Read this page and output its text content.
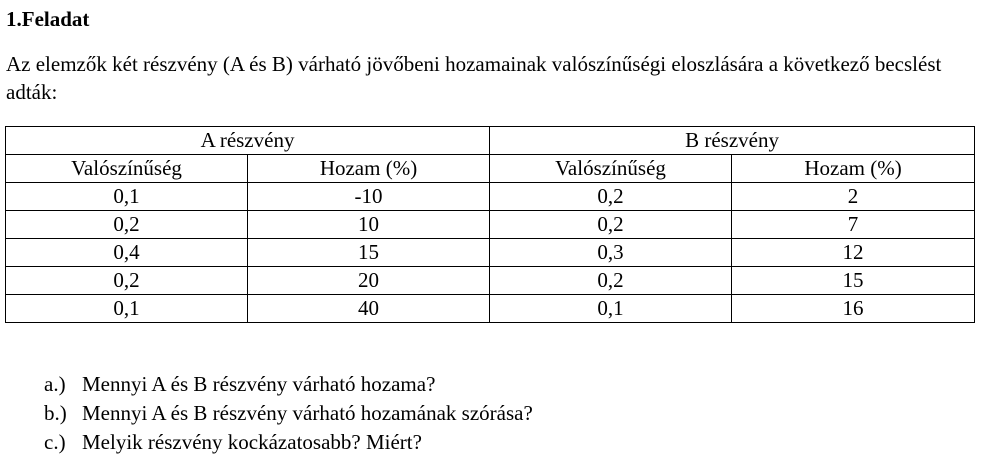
1.Feladat

Az elemzők két részvény (A és B) várható jövőbeni hozamainak valószínűségi eloszlására a következő becslést adták:

A részvény		B részvény	
Valószínűség	Hozam (%)	Valószínűség	Hozam (%)
0,1	-10	0,2	2
0,2	10	0,2	7
0,4	15	0,3	12
0,2	20	0,2	15
0,1	40	0,1	16
a.) Mennyi A és B részvény várható hozama?
b.) Mennyi A és B részvény várható hozamának szórása?
c.) Melyik részvény kockázatosabb? Miért?
